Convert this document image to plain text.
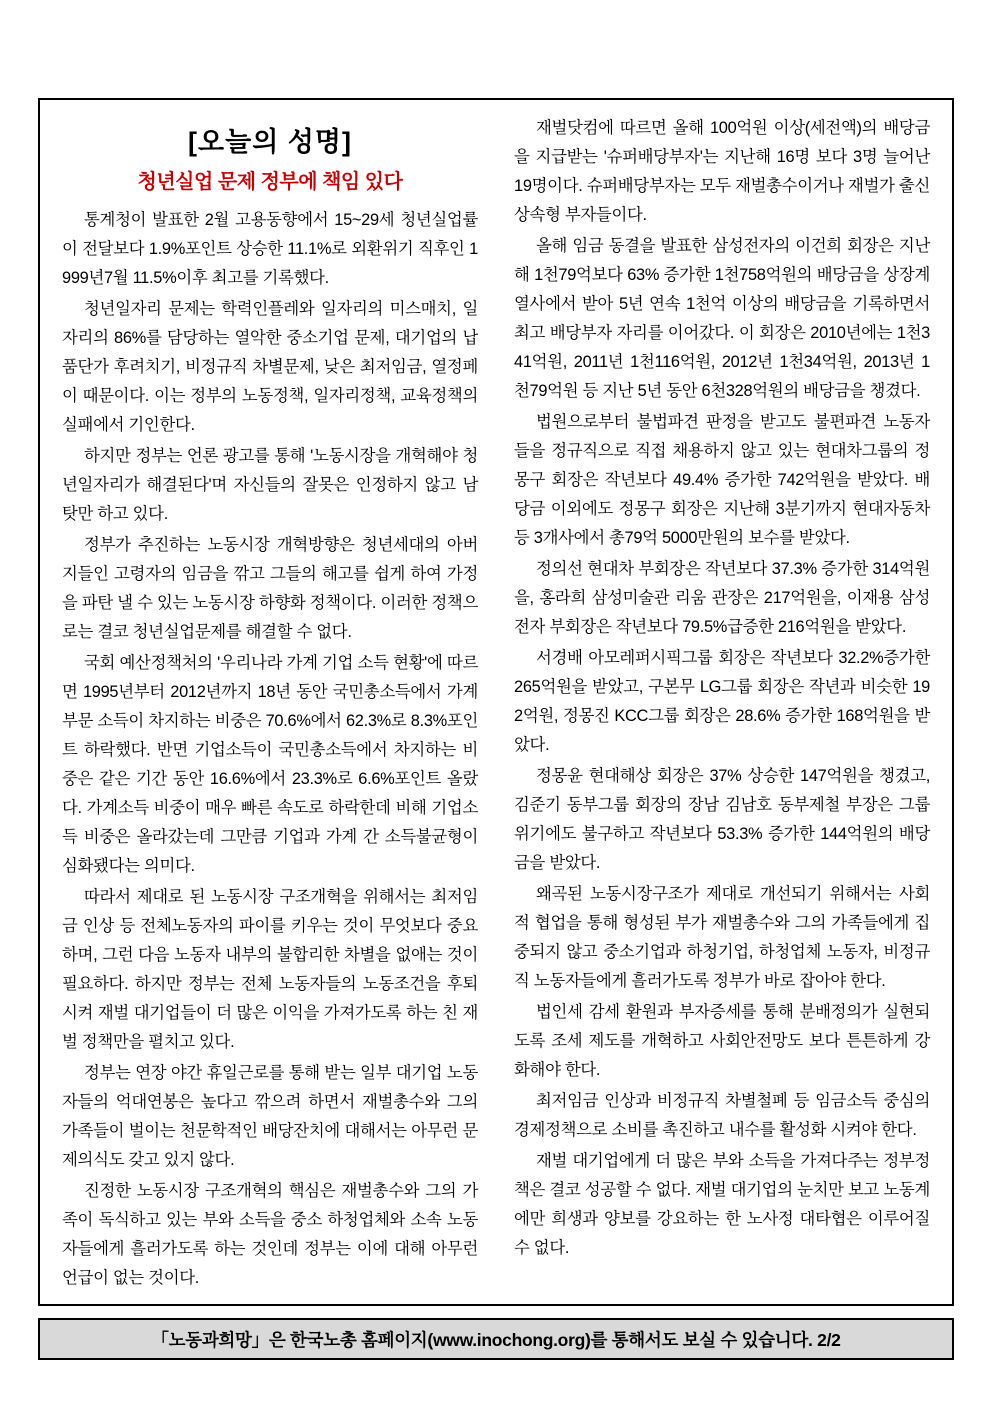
[오늘의 성명]
청년실업 문제 정부에 책임 있다

통계청이 발표한 2월 고용동향에서 15~29세 청년실업률이 전달보다 1.9%포인트 상승한 11.1%로 외환위기 직후인 1999년7월 11.5%이후 최고를 기록했다.

청년일자리 문제는 학력인플레와 일자리의 미스매치, 일자리의 86%를 담당하는 열악한 중소기업 문제, 대기업의 납품단가 후려치기, 비정규직 차별문제, 낮은 최저임금, 열정페이 때문이다. 이는 정부의 노동정책, 일자리정책, 교육정책의 실패에서 기인한다.

하지만 정부는 언론 광고를 통해 '노동시장을 개혁해야 청년일자리가 해결된다'며 자신들의 잘못은 인정하지 않고 남 탓만 하고 있다.

정부가 추진하는 노동시장 개혁방향은 청년세대의 아버지들인 고령자의 임금을 깎고 그들의 해고를 쉽게 하여 가정을 파탄 낼 수 있는 노동시장 하향화 정책이다. 이러한 정책으로는 결코 청년실업문제를 해결할 수 없다.

국회 예산정책처의 '우리나라 가계 기업 소득 현황'에 따르면 1995년부터 2012년까지 18년 동안 국민총소득에서 가계부문 소득이 차지하는 비중은 70.6%에서 62.3%로 8.3%포인트 하락했다. 반면 기업소득이 국민총소득에서 차지하는 비중은 같은 기간 동안 16.6%에서 23.3%로 6.6%포인트 올랐다. 가계소득 비중이 매우 빠른 속도로 하락한데 비해 기업소득 비중은 올라갔는데 그만큼 기업과 가계 간 소득불균형이 심화됐다는 의미다.

따라서 제대로 된 노동시장 구조개혁을 위해서는 최저임금 인상 등 전체노동자의 파이를 키우는 것이 무엇보다 중요하며, 그런 다음 노동자 내부의 불합리한 차별을 없애는 것이 필요하다. 하지만 정부는 전체 노동자들의 노동조건을 후퇴시켜 재벌 대기업들이 더 많은 이익을 가져가도록 하는 친 재벌 정책만을 펼치고 있다.

정부는 연장 야간 휴일근로를 통해 받는 일부 대기업 노동자들의 억대연봉은 높다고 깎으려 하면서 재벌총수와 그의 가족들이 벌이는 천문학적인 배당잔치에 대해서는 아무런 문제의식도 갖고 있지 않다.

진정한 노동시장 구조개혁의 핵심은 재벌총수와 그의 가족이 독식하고 있는 부와 소득을 중소 하청업체와 소속 노동자들에게 흘러가도록 하는 것인데 정부는 이에 대해 아무런 언급이 없는 것이다.

재벌닷컴에 따르면 올해 100억원 이상(세전액)의 배당금을 지급받는 '슈퍼배당부자'는 지난해 16명 보다 3명 늘어난 19명이다. 슈퍼배당부자는 모두 재벌총수이거나 재벌가 출신 상속형 부자들이다.

올해 임금 동결을 발표한 삼성전자의 이건희 회장은 지난해 1천79억보다 63% 증가한 1천758억원의 배당금을 상장계열사에서 받아 5년 연속 1천억 이상의 배당금을 기록하면서 최고 배당부자 자리를 이어갔다. 이 회장은 2010년에는 1천341억원, 2011년 1천116억원, 2012년 1천34억원, 2013년 1천79억원 등 지난 5년 동안 6천328억원의 배당금을 챙겼다.

법원으로부터 불법파견 판정을 받고도 불편파견 노동자들을 정규직으로 직접 채용하지 않고 있는 현대차그룹의 정몽구 회장은 작년보다 49.4% 증가한 742억원을 받았다. 배당금 이외에도 정몽구 회장은 지난해 3분기까지 현대자동차 등 3개사에서 총79억 5000만원의 보수를 받았다.

정의선 현대차 부회장은 작년보다 37.3% 증가한 314억원을, 홍라희 삼성미술관 리움 관장은 217억원을, 이재용 삼성전자 부회장은 작년보다 79.5%급증한 216억원을 받았다.

서경배 아모레퍼시픽그룹 회장은 작년보다 32.2%증가한 265억원을 받았고, 구본무 LG그룹 회장은 작년과 비슷한 192억원, 정몽진 KCC그룹 회장은 28.6% 증가한 168억원을 받았다.

정몽윤 현대해상 회장은 37% 상승한 147억원을 챙겼고, 김준기 동부그룹 회장의 장남 김남호 동부제철 부장은 그룹위기에도 불구하고 작년보다 53.3% 증가한 144억원의 배당금을 받았다.

왜곡된 노동시장구조가 제대로 개선되기 위해서는 사회적 협업을 통해 형성된 부가 재벌총수와 그의 가족들에게 집중되지 않고 중소기업과 하청기업, 하청업체 노동자, 비정규직 노동자들에게 흘러가도록 정부가 바로 잡아야 한다.

법인세 감세 환원과 부자증세를 통해 분배정의가 실현되도록 조세 제도를 개혁하고 사회안전망도 보다 튼튼하게 강화해야 한다.

최저임금 인상과 비정규직 차별철폐 등 임금소득 중심의 경제정책으로 소비를 촉진하고 내수를 활성화 시켜야 한다.

재벌 대기업에게 더 많은 부와 소득을 가져다주는 정부정책은 결코 성공할 수 없다. 재벌 대기업의 눈치만 보고 노동계에만 희생과 양보를 강요하는 한 노사정 대타협은 이루어질 수 없다.

「노동과희망」은 한국노총 홈페이지(www.inochong.org)를 통해서도 보실 수 있습니다. 2/2
